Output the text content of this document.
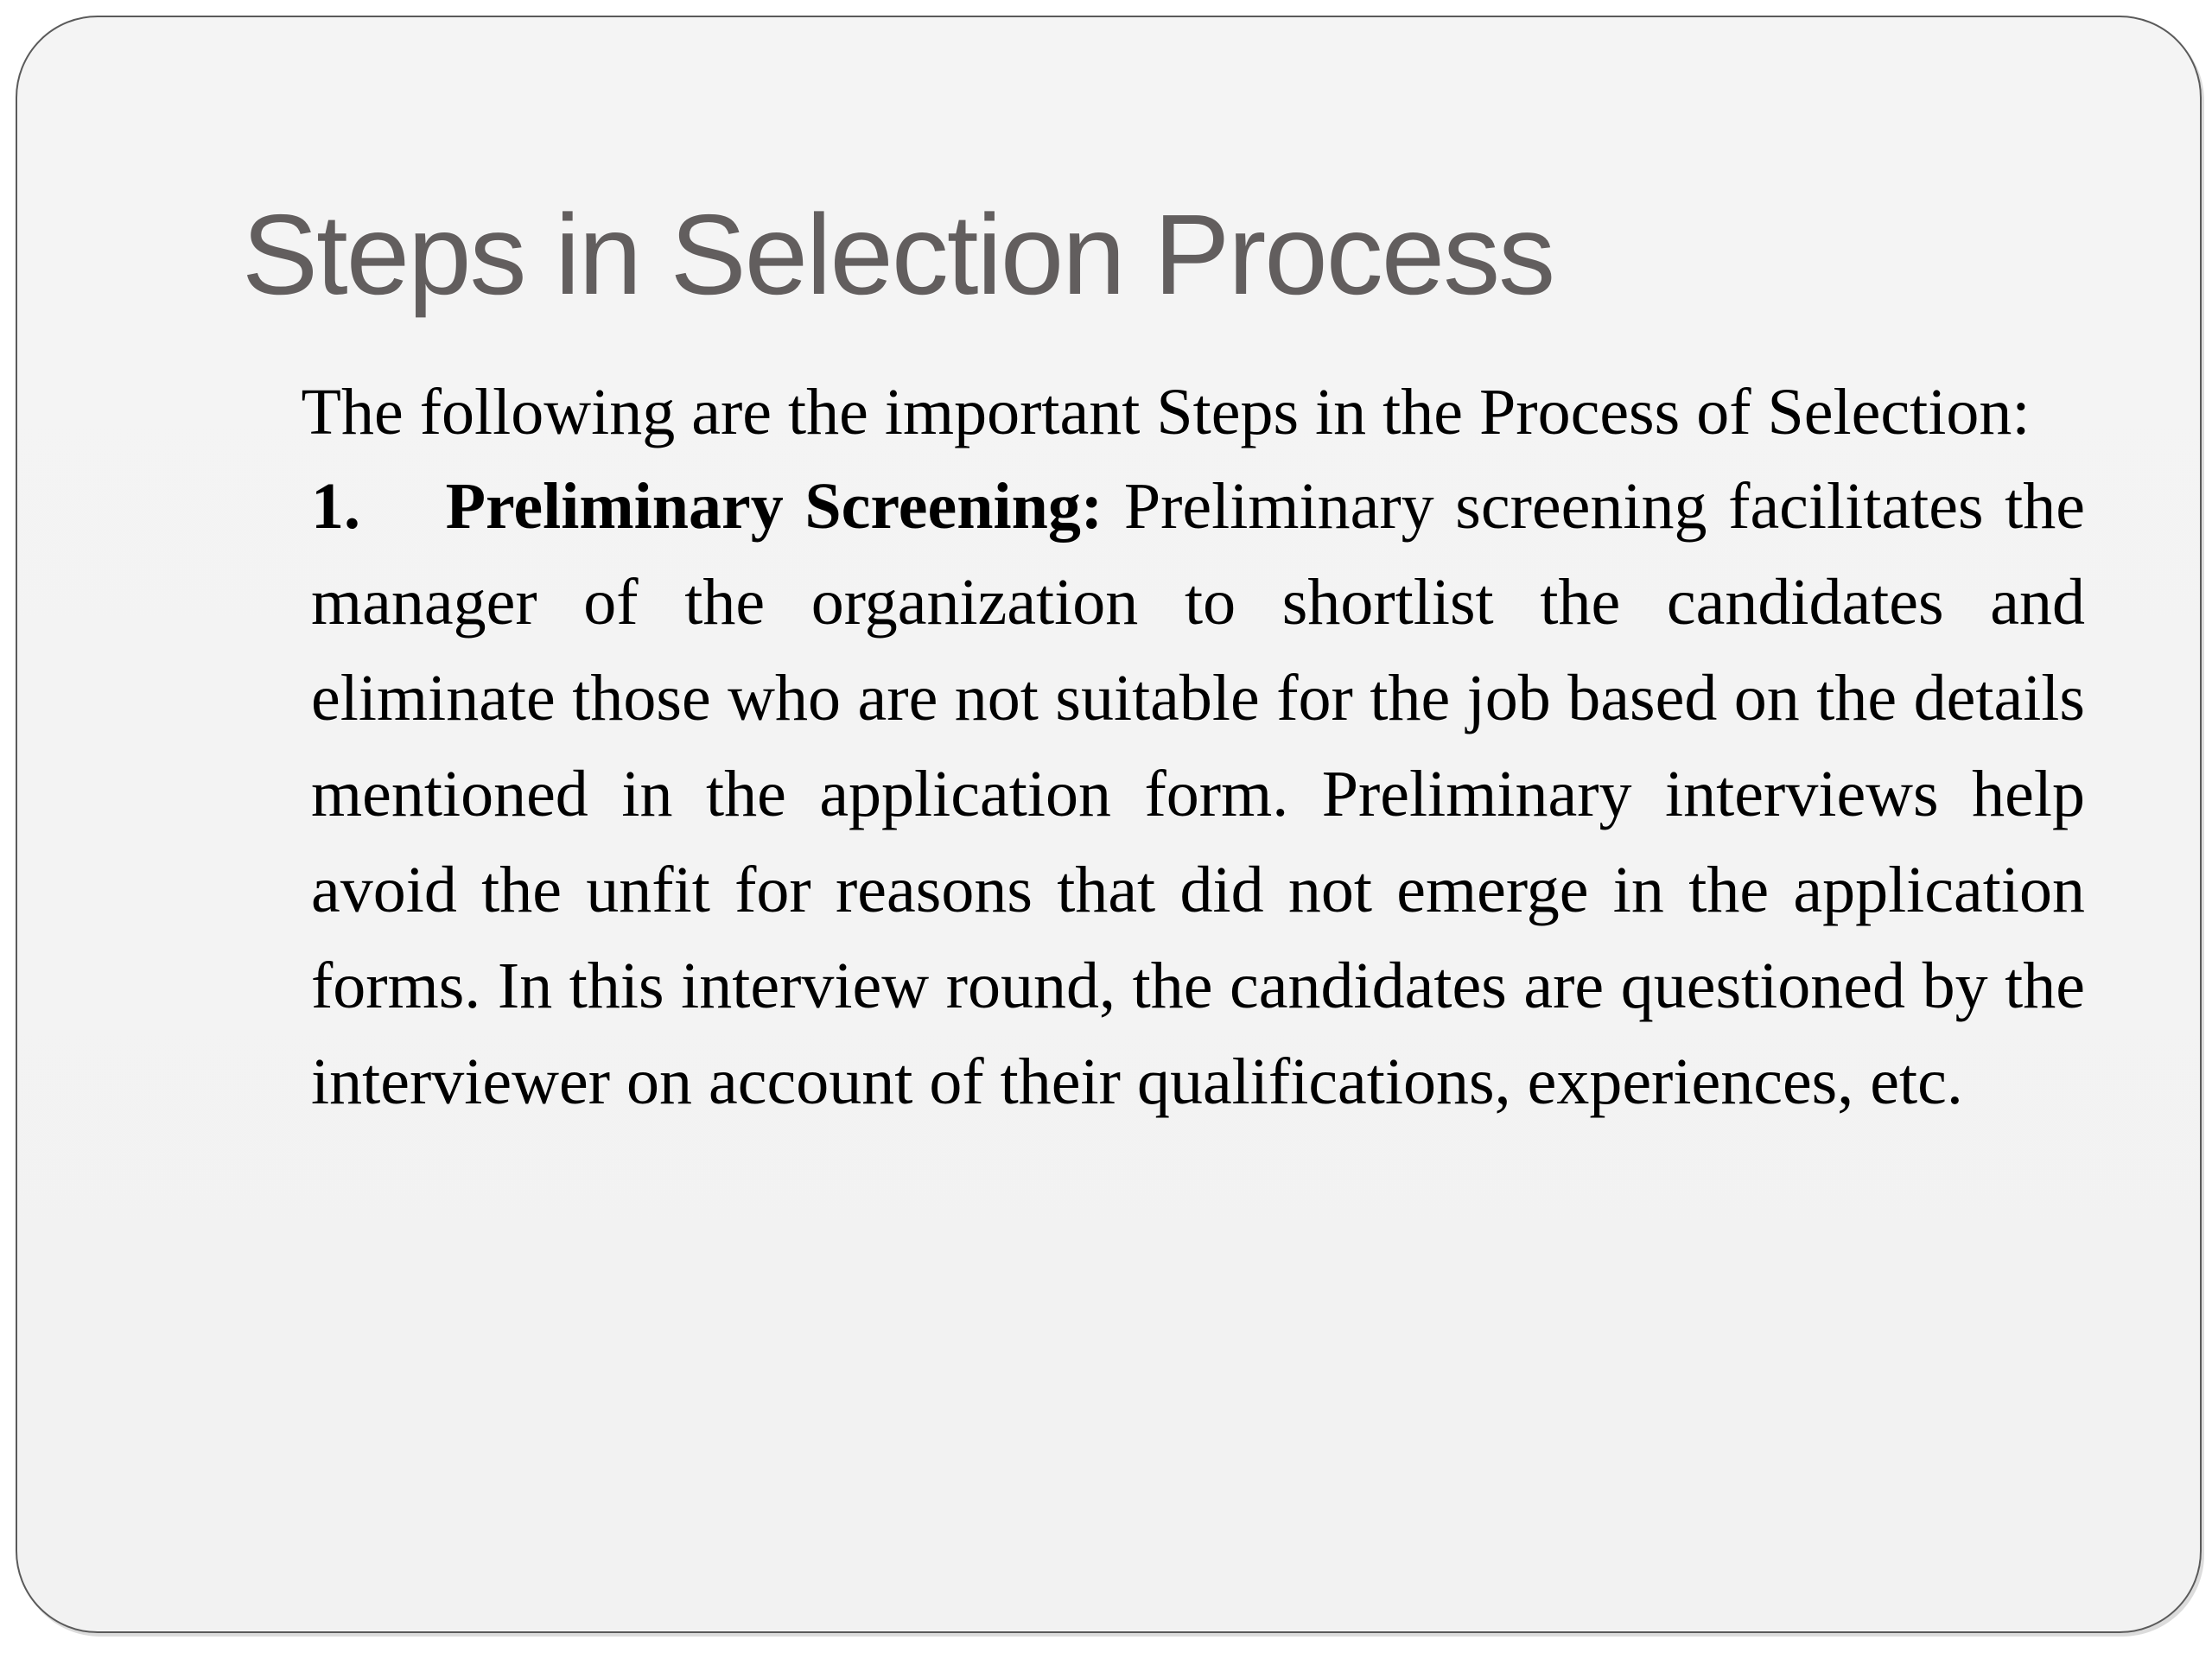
Steps in Selection Process

The following are the important Steps in the Process of Selection:

1. Preliminary Screening: Preliminary screening facilitates the manager of the organization to shortlist the candidates and eliminate those who are not suitable for the job based on the details mentioned in the application form. Preliminary interviews help avoid the unfit for reasons that did not emerge in the application forms. In this interview round, the candidates are questioned by the interviewer on account of their qualifications, experiences, etc.
